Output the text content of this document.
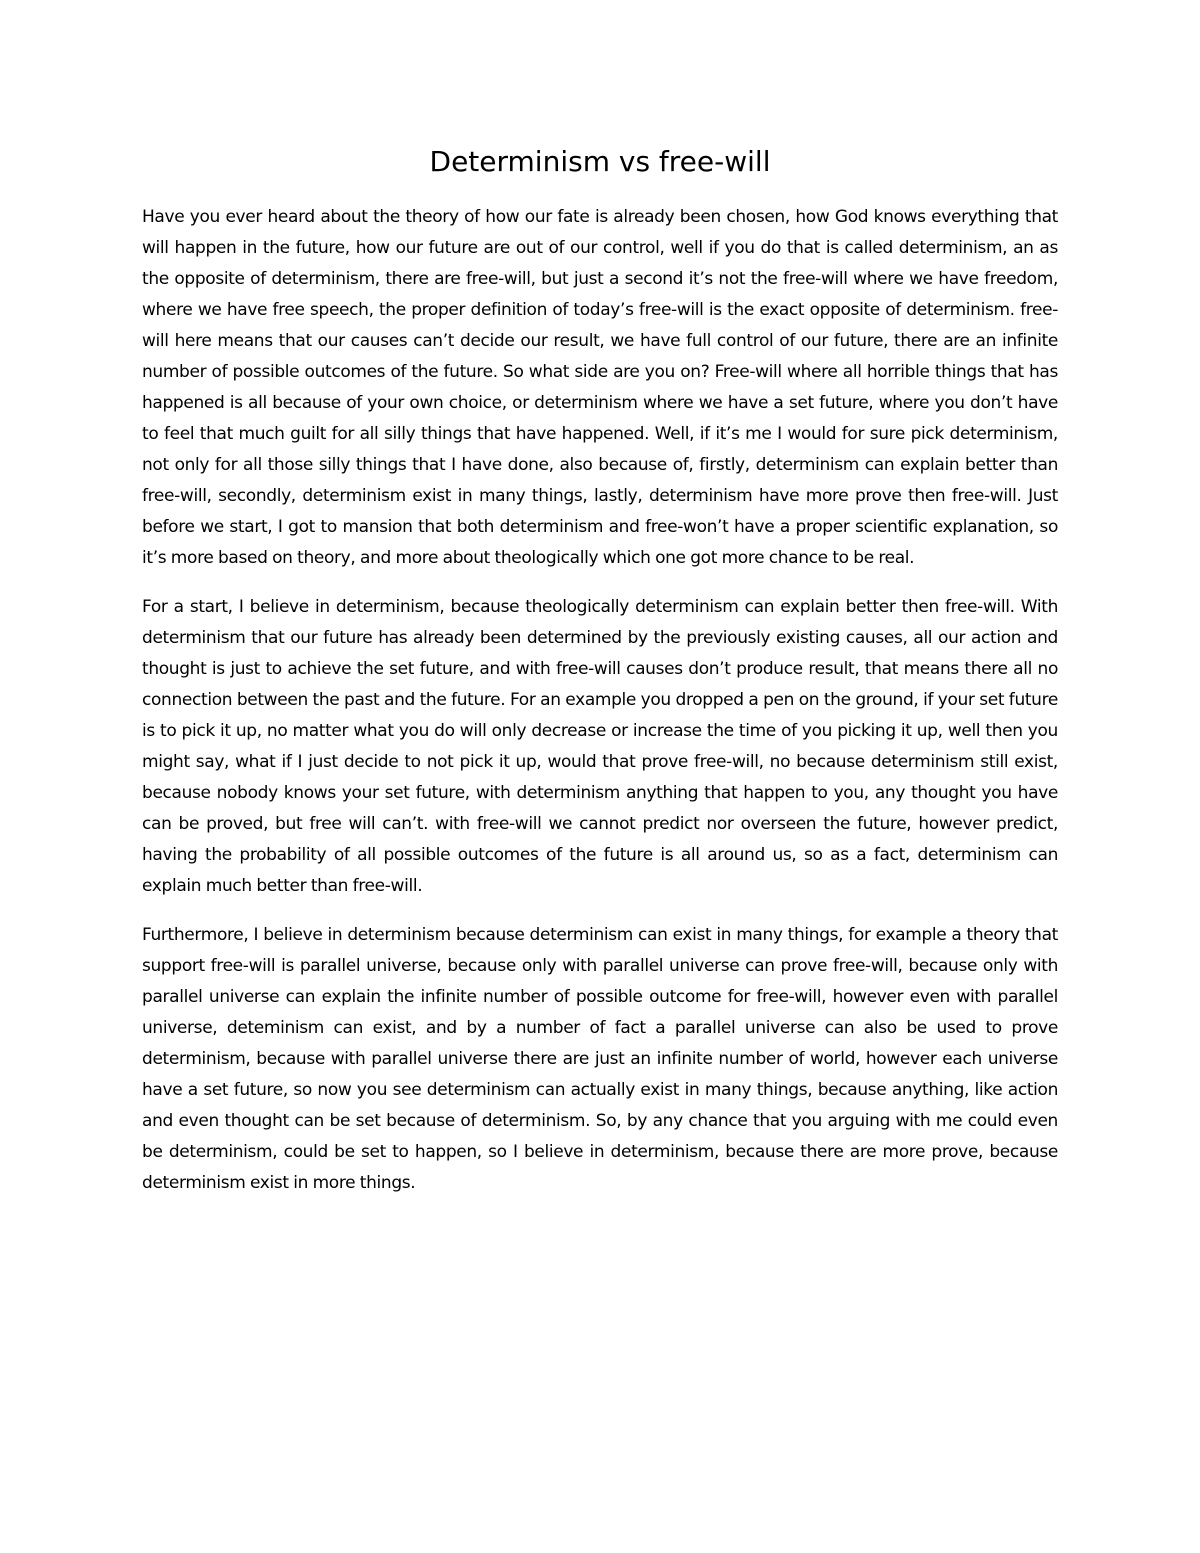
Determinism vs free-will

Have you ever heard about the theory of how our fate is already been chosen, how God knows everything that will happen in the future, how our future are out of our control, well if you do that is called determinism, an as the opposite of determinism, there are free-will, but just a second it’s not the free-will where we have freedom, where we have free speech, the proper definition of today’s free-will is the exact opposite of determinism. free-will here means that our causes can’t decide our result, we have full control of our future, there are an infinite number of possible outcomes of the future. So what side are you on? Free-will where all horrible things that has happened is all because of your own choice, or determinism where we have a set future, where you don’t have to feel that much guilt for all silly things that have happened. Well, if it’s me I would for sure pick determinism, not only for all those silly things that I have done, also because of, firstly, determinism can explain better than free-will, secondly, determinism exist in many things, lastly, determinism have more prove then free-will. Just before we start, I got to mansion that both determinism and free-won’t have a proper scientific explanation, so it’s more based on theory, and more about theologically which one got more chance to be real.

For a start, I believe in determinism, because theologically determinism can explain better then free-will. With determinism that our future has already been determined by the previously existing causes, all our action and thought is just to achieve the set future, and with free-will causes don’t produce result, that means there all no connection between the past and the future. For an example you dropped a pen on the ground, if your set future is to pick it up, no matter what you do will only decrease or increase the time of you picking it up, well then you might say, what if I just decide to not pick it up, would that prove free-will, no because determinism still exist, because nobody knows your set future, with determinism anything that happen to you, any thought you have can be proved, but free will can’t. with free-will we cannot predict nor overseen the future, however predict, having the probability of all possible outcomes of the future is all around us, so as a fact, determinism can explain much better than free-will.

Furthermore, I believe in determinism because determinism can exist in many things, for example a theory that support free-will is parallel universe, because only with parallel universe can prove free-will, because only with parallel universe can explain the infinite number of possible outcome for free-will, however even with parallel universe, deteminism can exist, and by a number of fact a parallel universe can also be used to prove determinism, because with parallel universe there are just an infinite number of world, however each universe have a set future, so now you see determinism can actually exist in many things, because anything, like action and even thought can be set because of determinism. So, by any chance that you arguing with me could even be determinism, could be set to happen, so I believe in determinism, because there are more prove, because determinism exist in more things.
